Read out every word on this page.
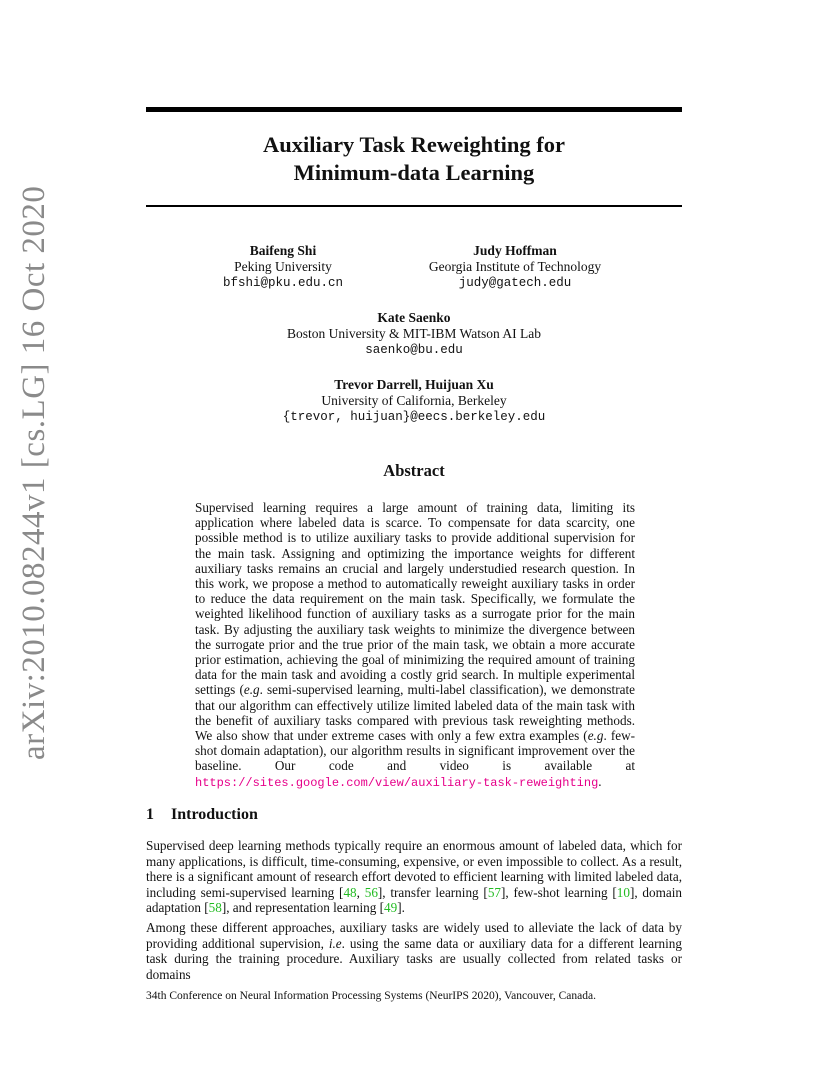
arXiv:2010.08244v1 [cs.LG] 16 Oct 2020
Auxiliary Task Reweighting for
Minimum-data Learning
Baifeng Shi
Peking University
bfshi@pku.edu.cn
Judy Hoffman
Georgia Institute of Technology
judy@gatech.edu
Kate Saenko
Boston University & MIT-IBM Watson AI Lab
saenko@bu.edu
Trevor Darrell, Huijuan Xu
University of California, Berkeley
{trevor, huijuan}@eecs.berkeley.edu
Abstract
Supervised learning requires a large amount of training data, limiting its application where labeled data is scarce. To compensate for data scarcity, one possible method is to utilize auxiliary tasks to provide additional supervision for the main task. Assigning and optimizing the importance weights for different auxiliary tasks remains an crucial and largely understudied research question. In this work, we propose a method to automatically reweight auxiliary tasks in order to reduce the data requirement on the main task. Specifically, we formulate the weighted likelihood function of auxiliary tasks as a surrogate prior for the main task. By adjusting the auxiliary task weights to minimize the divergence between the surrogate prior and the true prior of the main task, we obtain a more accurate prior estimation, achieving the goal of minimizing the required amount of training data for the main task and avoiding a costly grid search. In multiple experimental settings (e.g. semi-supervised learning, multi-label classification), we demonstrate that our algorithm can effectively utilize limited labeled data of the main task with the benefit of auxiliary tasks compared with previous task reweighting methods. We also show that under extreme cases with only a few extra examples (e.g. few-shot domain adaptation), our algorithm results in significant improvement over the baseline. Our code and video is available at https://sites.google.com/view/auxiliary-task-reweighting.
1 Introduction

Supervised deep learning methods typically require an enormous amount of labeled data, which for many applications, is difficult, time-consuming, expensive, or even impossible to collect. As a result, there is a significant amount of research effort devoted to efficient learning with limited labeled data, including semi-supervised learning [48, 56], transfer learning [57], few-shot learning [10], domain adaptation [58], and representation learning [49].

Among these different approaches, auxiliary tasks are widely used to alleviate the lack of data by providing additional supervision, i.e. using the same data or auxiliary data for a different learning task during the training procedure. Auxiliary tasks are usually collected from related tasks or domains

34th Conference on Neural Information Processing Systems (NeurIPS 2020), Vancouver, Canada.
